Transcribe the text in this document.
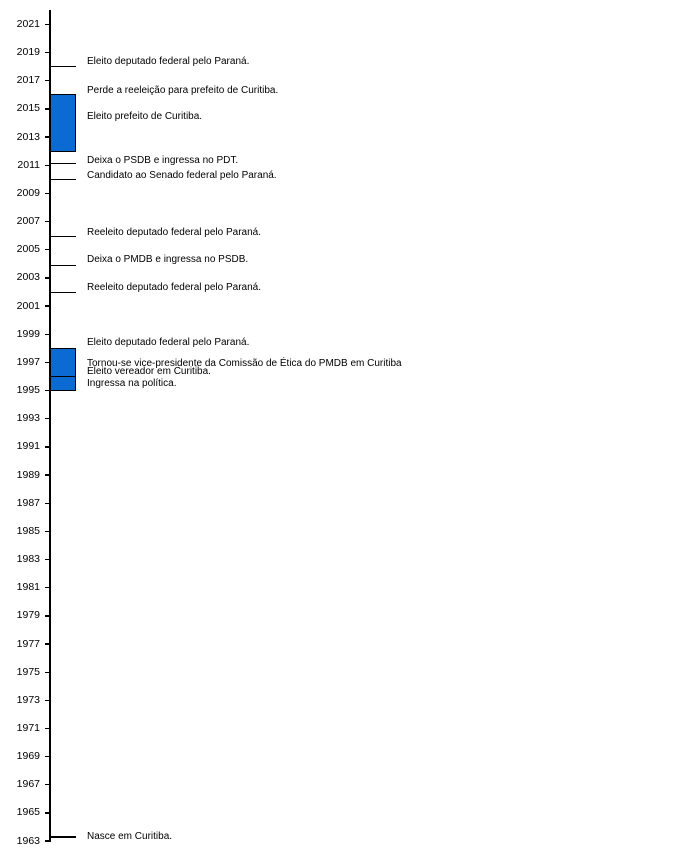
2021
2019
2017
2015
2013
2011
2009
2007
2005
2003
2001
1999
1997
1995
1993
1991
1989
1987
1985
1983
1981
1979
1977
1975
1973
1971
1969
1967
1965
1963
Eleito deputado federal pelo Paraná.
Perde a reeleição para prefeito de Curitiba.
Eleito prefeito de Curitiba.
Deixa o PSDB e ingressa no PDT.
Candidato ao Senado federal pelo Paraná.
Reeleito deputado federal pelo Paraná.
Deixa o PMDB e ingressa no PSDB.
Reeleito deputado federal pelo Paraná.
Eleito deputado federal pelo Paraná.
Tornou-se vice-presidente da Comissão de Ética do PMDB em Curitiba
Eleito vereador em Curitiba.
Ingressa na política.
Nasce em Curitiba.
